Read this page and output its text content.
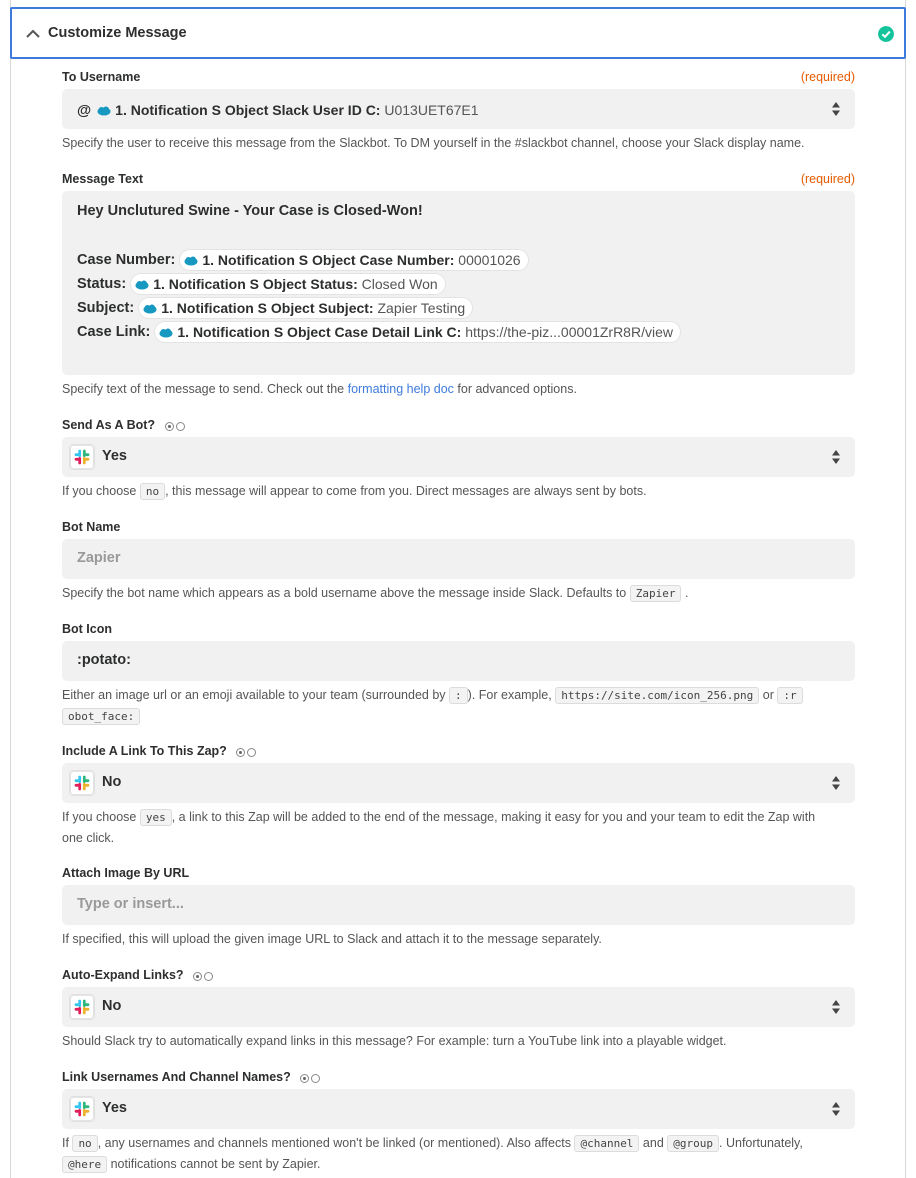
Customize Message
To Username	(required)
@ 1. Notification S Object Slack User ID C: U013UET67E1
Specify the user to receive this message from the Slackbot. To DM yourself in the #slackbot channel, choose your Slack display name.
Message Text	(required)
Hey Unclutured Swine - Your Case is Closed-Won!
Case Number: 1. Notification S Object Case Number: 00001026
Status: 1. Notification S Object Status: Closed Won
Subject: 1. Notification S Object Subject: Zapier Testing
Case Link: 1. Notification S Object Case Detail Link C: https://the-piz...00001ZrR8R/view
Specify text of the message to send. Check out the formatting help doc for advanced options.
Send As A Bot?
Yes
If you choose no , this message will appear to come from you. Direct messages are always sent by bots.
Bot Name
Zapier
Specify the bot name which appears as a bold username above the message inside Slack. Defaults to Zapier .
Bot Icon
:potato:
Either an image url or an emoji available to your team (surrounded by : ). For example, https://site.com/icon_256.png or :r
obot_face:
Include A Link To This Zap?
No
If you choose yes , a link to this Zap will be added to the end of the message, making it easy for you and your team to edit the Zap with
one click.
Attach Image By URL
Type or insert...
If specified, this will upload the given image URL to Slack and attach it to the message separately.
Auto-Expand Links?
No
Should Slack try to automatically expand links in this message? For example: turn a YouTube link into a playable widget.
Link Usernames And Channel Names?
Yes
If no , any usernames and channels mentioned won't be linked (or mentioned). Also affects @channel and @group . Unfortunately,
@here notifications cannot be sent by Zapier.
